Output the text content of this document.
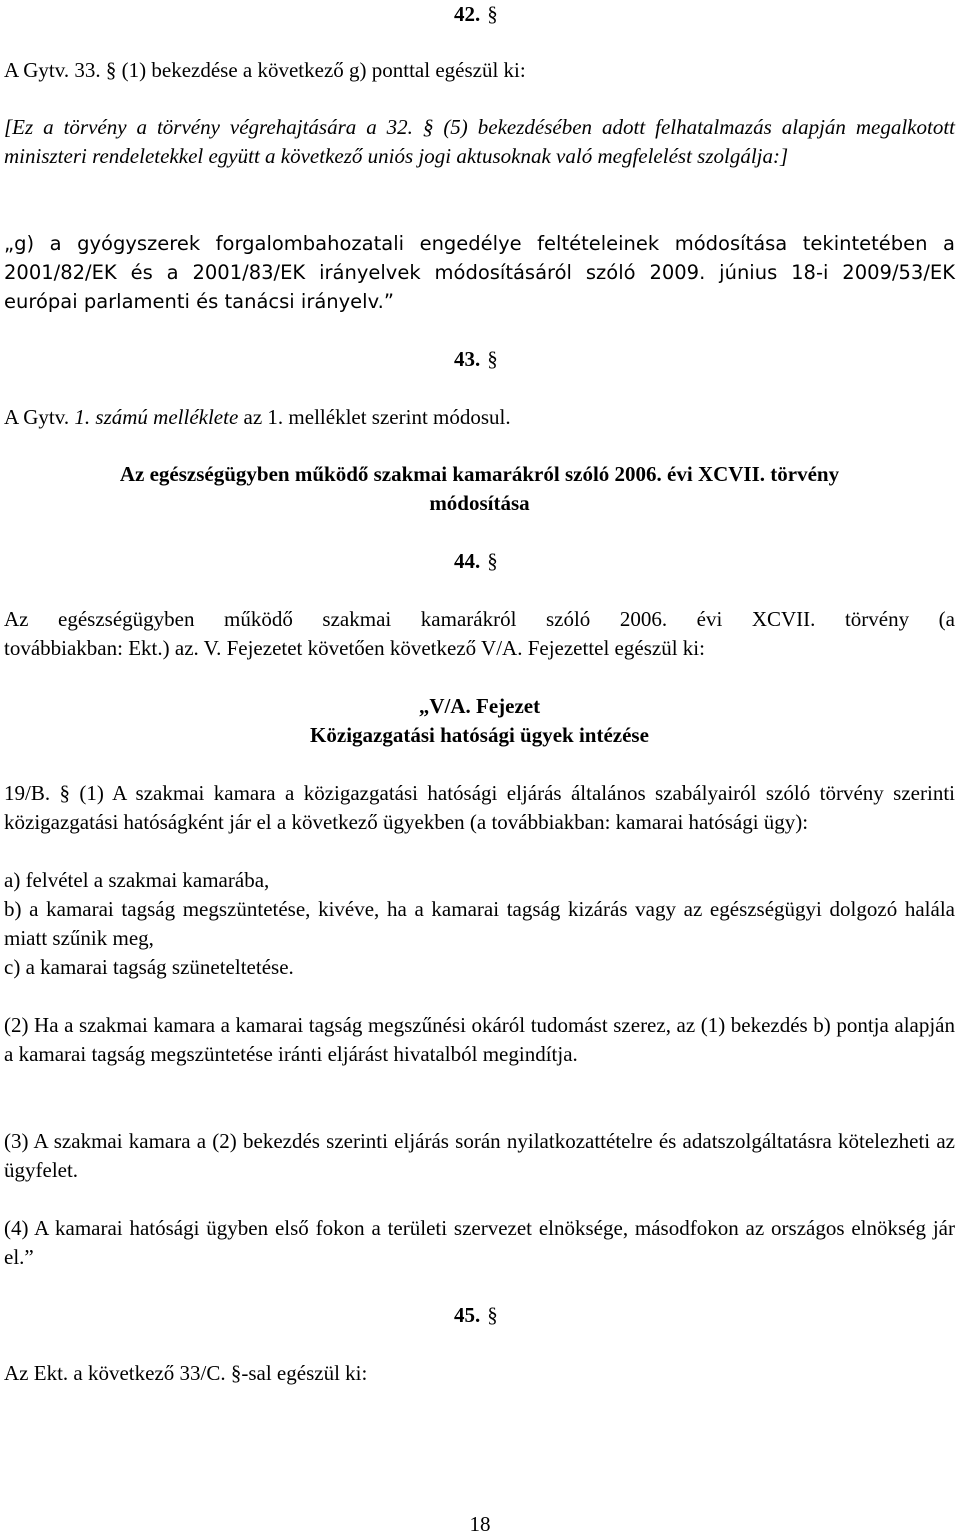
42. §

A Gytv. 33. § (1) bekezdése a következő g) ponttal egészül ki:

[Ez a törvény a törvény végrehajtására a 32. § (5) bekezdésében adott felhatalmazás alapján megalkotott miniszteri rendeletekkel együtt a következő uniós jogi aktusoknak való megfelelést szolgálja:]

„g) a gyógyszerek forgalombahozatali engedélye feltételeinek módosítása tekintetében a 2001/82/EK és a 2001/83/EK irányelvek módosításáról szóló 2009. június 18-i 2009/53/EK európai parlamenti és tanácsi irányelv.”

43. §

A Gytv. 1. számú melléklete az 1. melléklet szerint módosul.

Az egészségügyben működő szakmai kamarákról szóló 2006. évi XCVII. törvény
módosítása
44. §
Az egészségügyben működő szakmai kamarákról szóló 2006. évi XCVII. törvény (a
továbbiakban: Ekt.) az. V. Fejezetet követően következő V/A. Fejezettel egészül ki:
„V/A. Fejezet
Közigazgatási hatósági ügyek intézése

19/B. § (1) A szakmai kamara a közigazgatási hatósági eljárás általános szabályairól szóló törvény szerinti közigazgatási hatóságként jár el a következő ügyekben (a továbbiakban: kamarai hatósági ügy):

a) felvétel a szakmai kamarába,

b) a kamarai tagság megszüntetése, kivéve, ha a kamarai tagság kizárás vagy az egészségügyi dolgozó halála miatt szűnik meg,

c) a kamarai tagság szüneteltetése.

(2) Ha a szakmai kamara a kamarai tagság megszűnési okáról tudomást szerez, az (1) bekezdés b) pontja alapján a kamarai tagság megszüntetése iránti eljárást hivatalból megindítja.

(3) A szakmai kamara a (2) bekezdés szerinti eljárás során nyilatkozattételre és adatszolgáltatásra kötelezheti az ügyfelet.

(4) A kamarai hatósági ügyben első fokon a területi szervezet elnöksége, másodfokon az országos elnökség jár el.”

45. §

Az Ekt. a következő 33/C. §-sal egészül ki:

18
